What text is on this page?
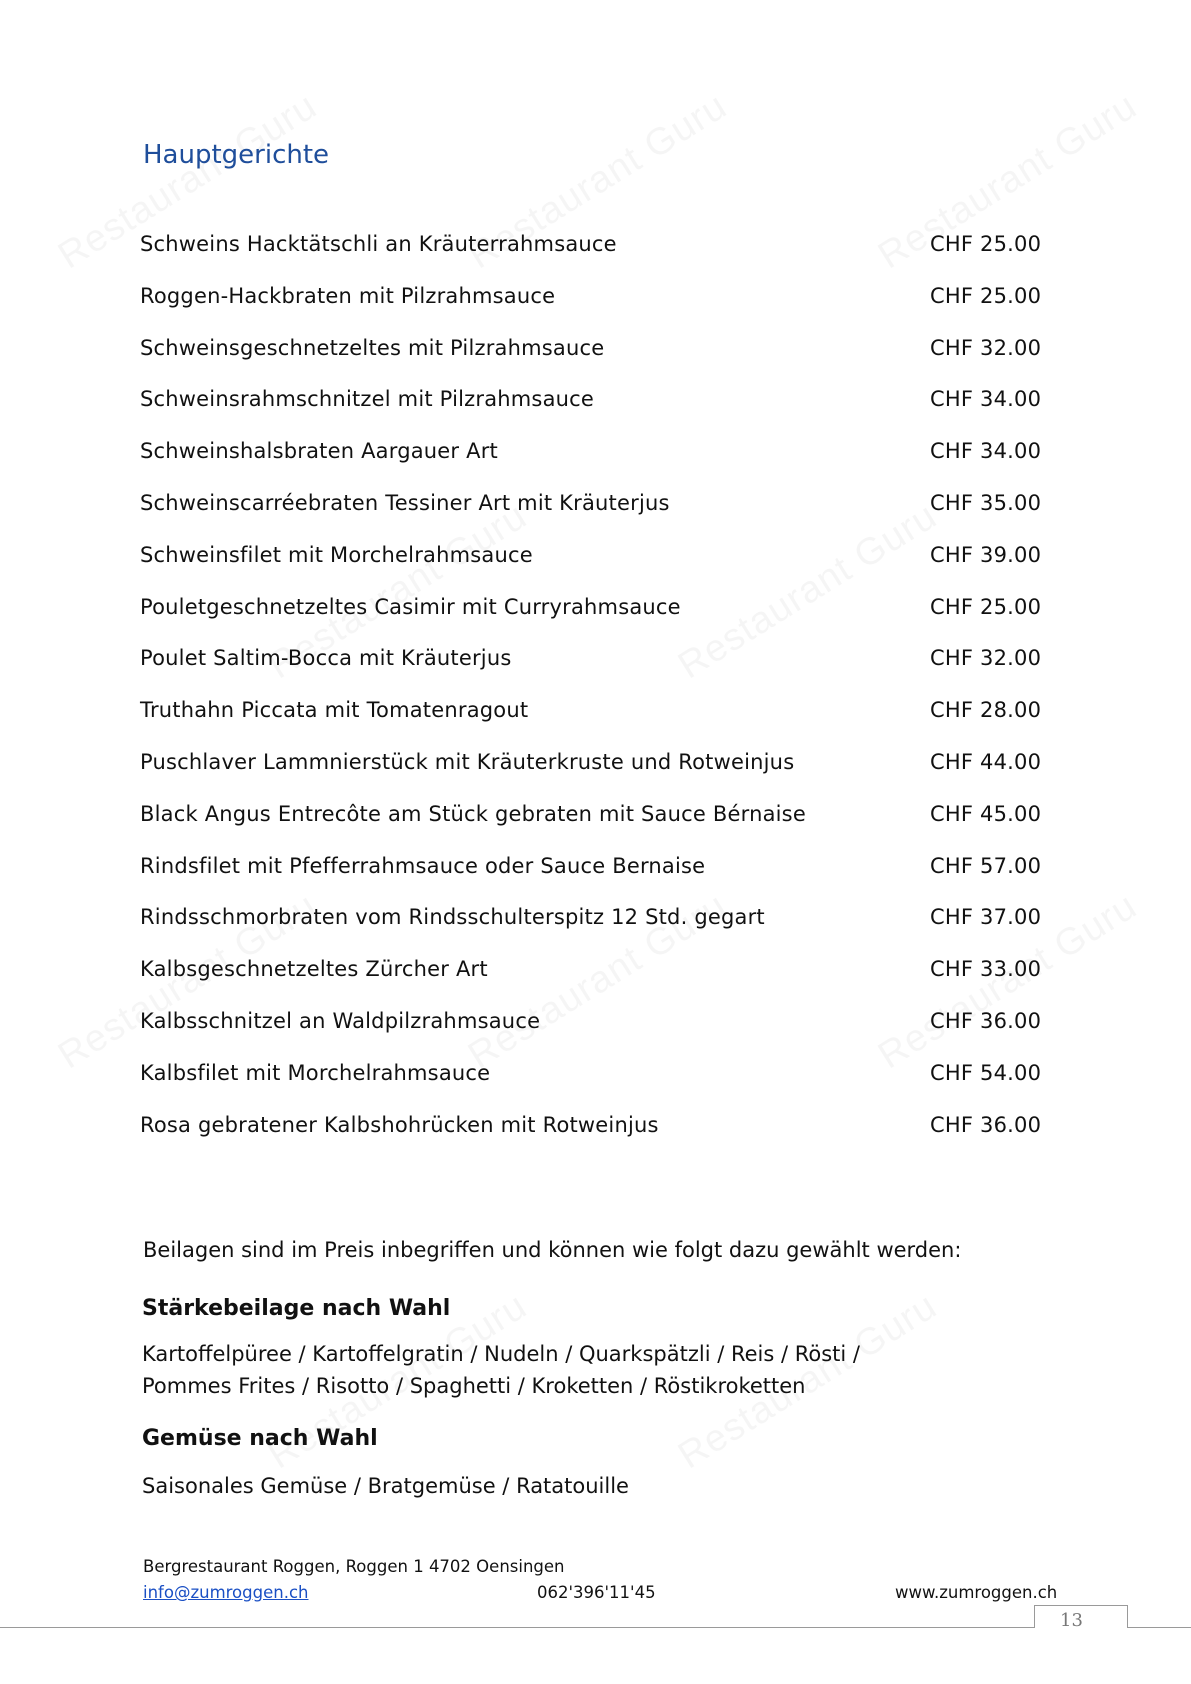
Hauptgerichte
Schweins Hacktätschli an Kräuterrahmsauce	CHF 25.00
Roggen-Hackbraten mit Pilzrahmsauce	CHF 25.00
Schweinsgeschnetzeltes mit Pilzrahmsauce	CHF 32.00
Schweinsrahmschnitzel mit Pilzrahmsauce	CHF 34.00
Schweinshalsbraten Aargauer Art	CHF 34.00
Schweinscarréebraten Tessiner Art mit Kräuterjus	CHF 35.00
Schweinsfilet mit Morchelrahmsauce	CHF 39.00
Pouletgeschnetzeltes Casimir mit Curryrahmsauce	CHF 25.00
Poulet Saltim-Bocca mit Kräuterjus	CHF 32.00
Truthahn Piccata mit Tomatenragout	CHF 28.00
Puschlaver Lammnierstück mit Kräuterkruste und Rotweinjus	CHF 44.00
Black Angus Entrecôte am Stück gebraten mit Sauce Bérnaise	CHF 45.00
Rindsfilet mit Pfefferrahmsauce oder Sauce Bernaise	CHF 57.00
Rindsschmorbraten vom Rindsschulterspitz 12 Std. gegart	CHF 37.00
Kalbsgeschnetzeltes Zürcher Art	CHF 33.00
Kalbsschnitzel an Waldpilzrahmsauce	CHF 36.00
Kalbsfilet mit Morchelrahmsauce	CHF 54.00
Rosa gebratener Kalbshohrücken mit Rotweinjus	CHF 36.00
Beilagen sind im Preis inbegriffen und können wie folgt dazu gewählt werden:
Stärkebeilage nach Wahl
Kartoffelpüree / Kartoffelgratin / Nudeln / Quarkspätzli / Reis / Rösti /
Pommes Frites / Risotto / Spaghetti / Kroketten / Röstikroketten
Gemüse nach Wahl
Saisonales Gemüse / Bratgemüse / Ratatouille
Bergrestaurant Roggen, Roggen 1 4702 Oensingen
info@zumroggen.ch	062'396'11'45	www.zumroggen.ch
13
